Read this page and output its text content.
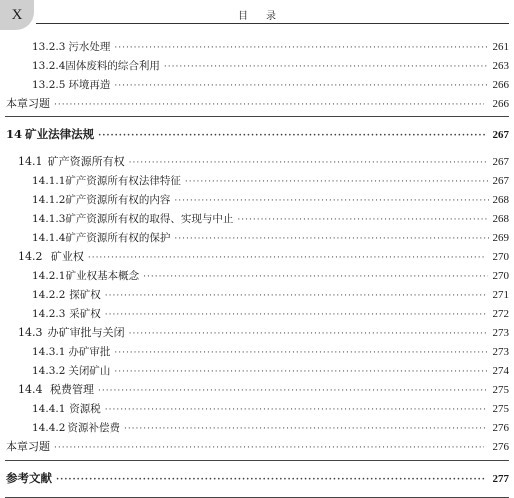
X	目录
13.2.3 污水处理 ·····	261
13.2.4 固体废料的综合利用 ·····	263
13.2.5 环境再造 ·····	266
本章习题 ·····	266
14 矿业法律法规 ·····	267
14.1 矿产资源所有权 ·····	267
14.1.1 矿产资源所有权法律特征 ·····	267
14.1.2 矿产资源所有权的内容 ·····	268
14.1.3 矿产资源所有权的取得、实现与中止 ·····	268
14.1.4 矿产资源所有权的保护 ·····	269
14.2 矿业权 ·····	270
14.2.1 矿业权基本概念 ·····	270
14.2.2 探矿权 ·····	271
14.2.3 采矿权 ·····	272
14.3 办矿审批与关闭 ·····	273
14.3.1 办矿审批 ·····	273
14.3.2 关闭矿山 ·····	274
14.4 税费管理 ·····	275
14.4.1 资源税 ·····	275
14.4.2 资源补偿费 ·····	276
本章习题 ·····	276
参考文献 ·····	277
